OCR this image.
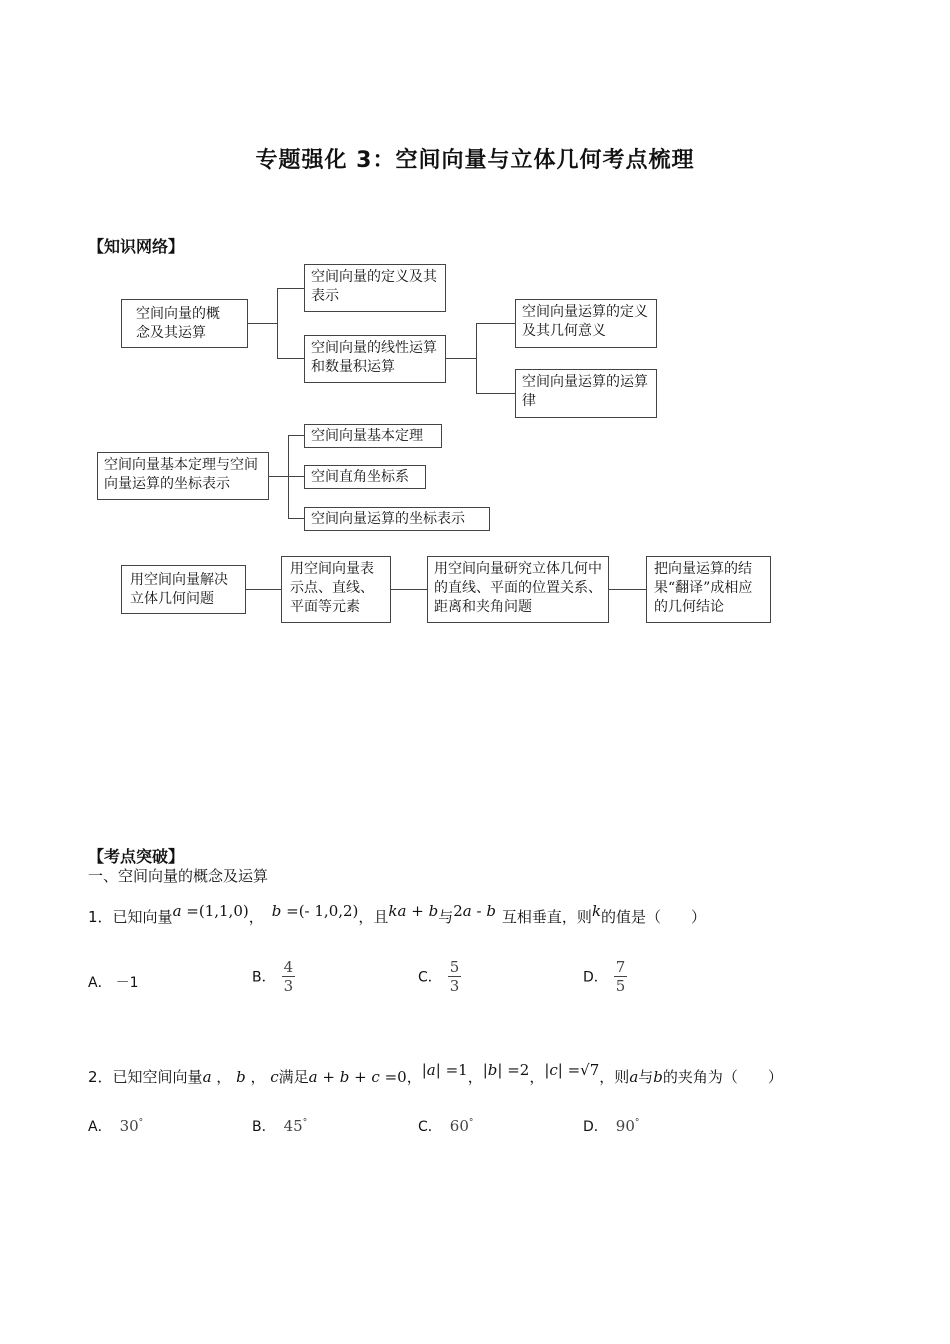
专题强化 3：空间向量与立体几何考点梳理
【知识网络】
空间向量的概念及其运算
空间向量的定义及其表示
空间向量的线性运算和数量积运算
空间向量运算的定义及其几何意义
空间向量运算的运算律
空间向量基本定理与空间向量运算的坐标表示
空间向量基本定理
空间直角坐标系
空间向量运算的坐标表示
用空间向量解决立体几何问题
用空间向量表示点、直线、平面等元素
用空间向量研究立体几何中的直线、平面的位置关系、距离和夹角问题
把向量运算的结果“翻译”成相应的几何结论
【考点突破】
一、空间向量的概念及运算
1．已知向量a =(1,1,0)， b =(- 1,0,2)，且ka + b与2a - b 互相垂直，则k的值是（　　）
A． －1	B． $\frac{4}{3}$	C． $\frac{5}{3}$	D． $\frac{7}{5}$
2．已知空间向量a ， b ， c满足a + b + c =0，|a| =1，|b| =2，|c| =√7，则a与b的夹角为（　　）
A． 30°	B． 45°	C． 60°	D． 90°
